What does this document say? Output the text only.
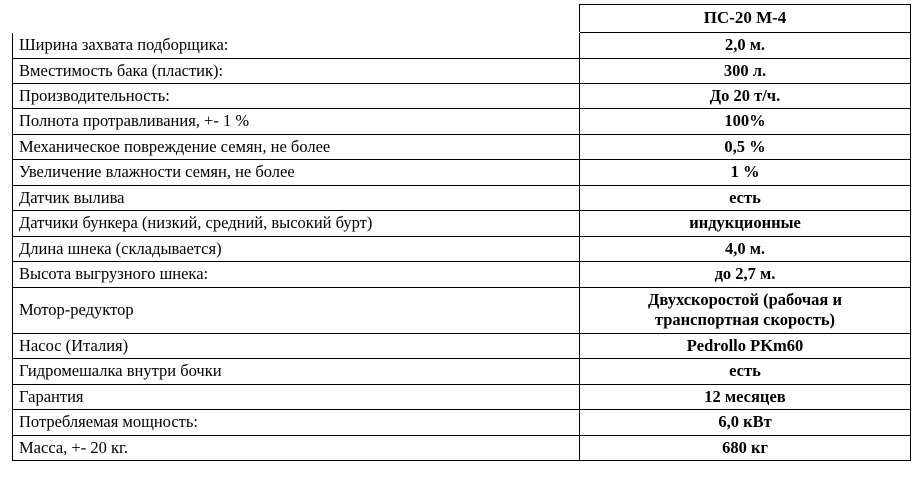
	ПС-20 М-4
Ширина захвата подборщика:	2,0 м.
Вместимость бака (пластик):	300 л.
Производительность:	До 20 т/ч.
Полнота протравливания, +- 1 %	100%
Механическое повреждение семян, не более	0,5 %
Увеличение влажности семян, не более	1 %
Датчик вылива	есть
Датчики бункера (низкий, средний, высокий бурт)	индукционные
Длина шнека (складывается)	4,0 м.
Высота выгрузного шнека:	до 2,7 м.
Мотор-редуктор	Двухскоростой (рабочая и
транспортная скорость)

Насос (Италия)	Pedrollo PKm60
Гидромешалка внутри бочки	есть
Гарантия	12 месяцев
Потребляемая мощность:	6,0 кВт
Масса, +- 20 кг.	680 кг
